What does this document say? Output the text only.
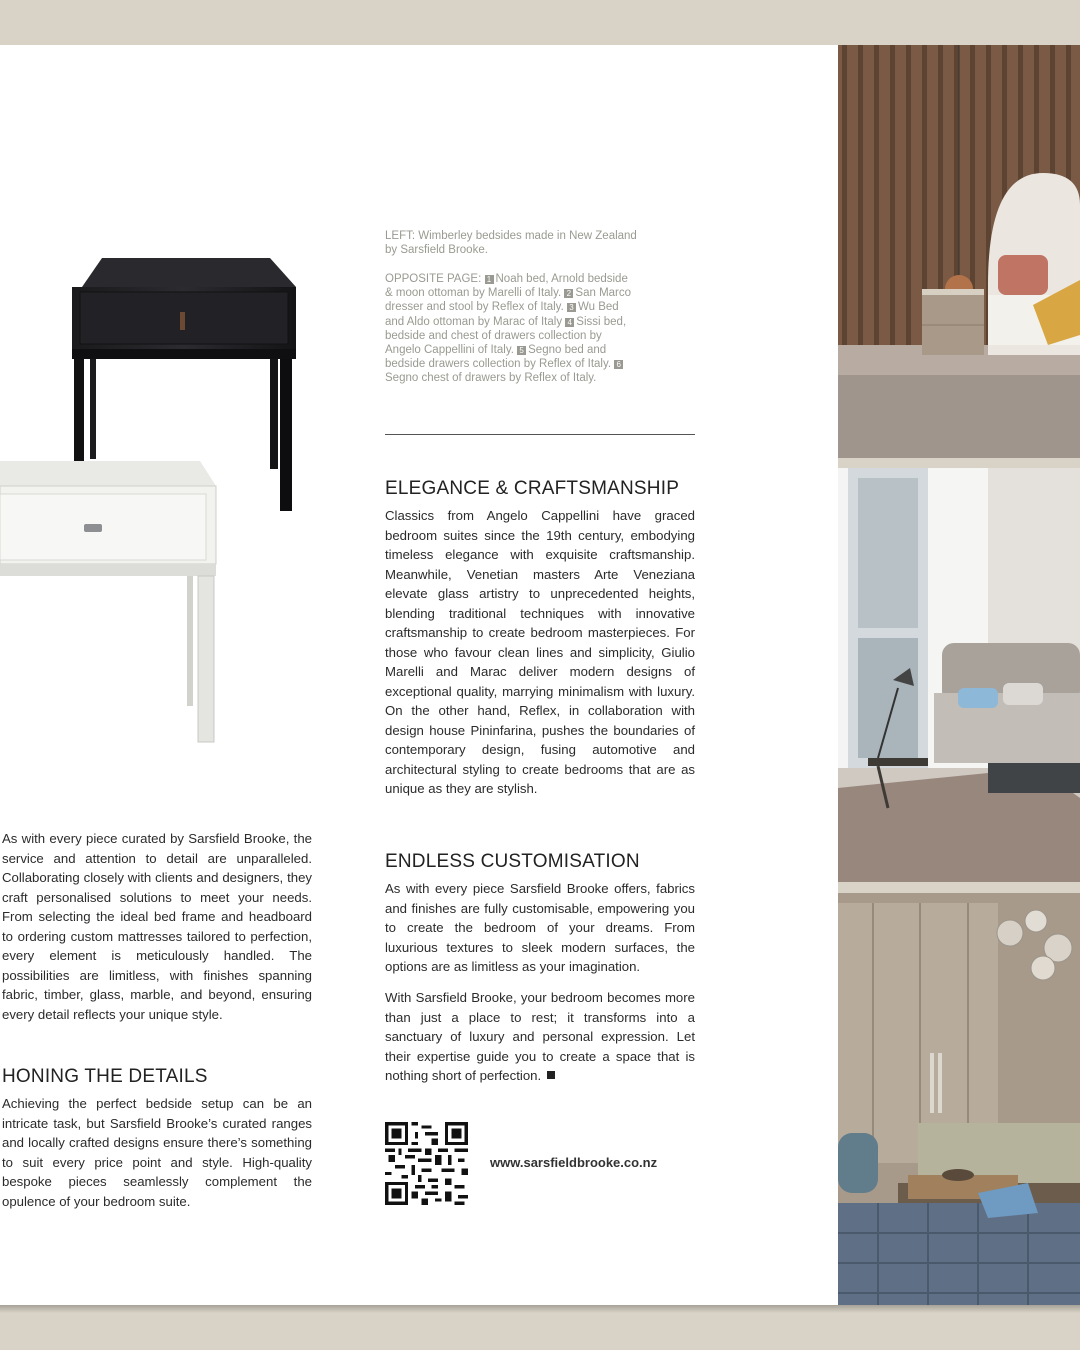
LEFT: Wimberley bedsides made in New Zealand by Sarsfield Brooke.

OPPOSITE PAGE: 1 Noah bed, Arnold bedside & moon ottoman by Marelli of Italy. 2 San Marco dresser and stool by Reflex of Italy. 3 Wu Bed and Aldo ottoman by Marac of Italy 4 Sissi bed, bedside and chest of drawers collection by Angelo Cappellini of Italy. 5 Segno bed and bedside drawers collection by Reflex of Italy. 6Segno chest of drawers by Reflex of Italy.

ELEGANCE & CRAFTSMANSHIP

Classics from Angelo Cappellini have graced bedroom suites since the 19th century, embodying timeless elegance with exquisite craftsmanship. Meanwhile, Venetian masters Arte Veneziana elevate glass artistry to unprecedented heights, blending traditional techniques with innovative craftsmanship to create bedroom masterpieces. For those who favour clean lines and simplicity, Giulio Marelli and Marac deliver modern designs of exceptional quality, marrying minimalism with luxury. On the other hand, Reflex, in collaboration with design house Pininfarina, pushes the boundaries of contemporary design, fusing automotive and architectural styling to create bedrooms that are as unique as they are stylish.

ENDLESS CUSTOMISATION

As with every piece Sarsfield Brooke offers, fabrics and finishes are fully customisable, empowering you to create the bedroom of your dreams. From luxurious textures to sleek modern surfaces, the options are as limitless as your imagination.

With Sarsfield Brooke, your bedroom becomes more than just a place to rest; it transforms into a sanctuary of luxury and personal expression. Let their expertise guide you to create a space that is nothing short of perfection.

As with every piece curated by Sarsfield Brooke, the service and attention to detail are unparalleled. Collaborating closely with clients and designers, they craft personalised solutions to meet your needs. From selecting the ideal bed frame and headboard to ordering custom mattresses tailored to perfection, every element is meticulously handled. The possibilities are limitless, with finishes spanning fabric, timber, glass, marble, and beyond, ensuring every detail reflects your unique style.

HONING THE DETAILS

Achieving the perfect bedside setup can be an intricate task, but Sarsfield Brooke’s curated ranges and locally crafted designs ensure there’s something to suit every price point and style. High-quality bespoke pieces seamlessly complement the opulence of your bedroom suite.

www.sarsfieldbrooke.co.nz
